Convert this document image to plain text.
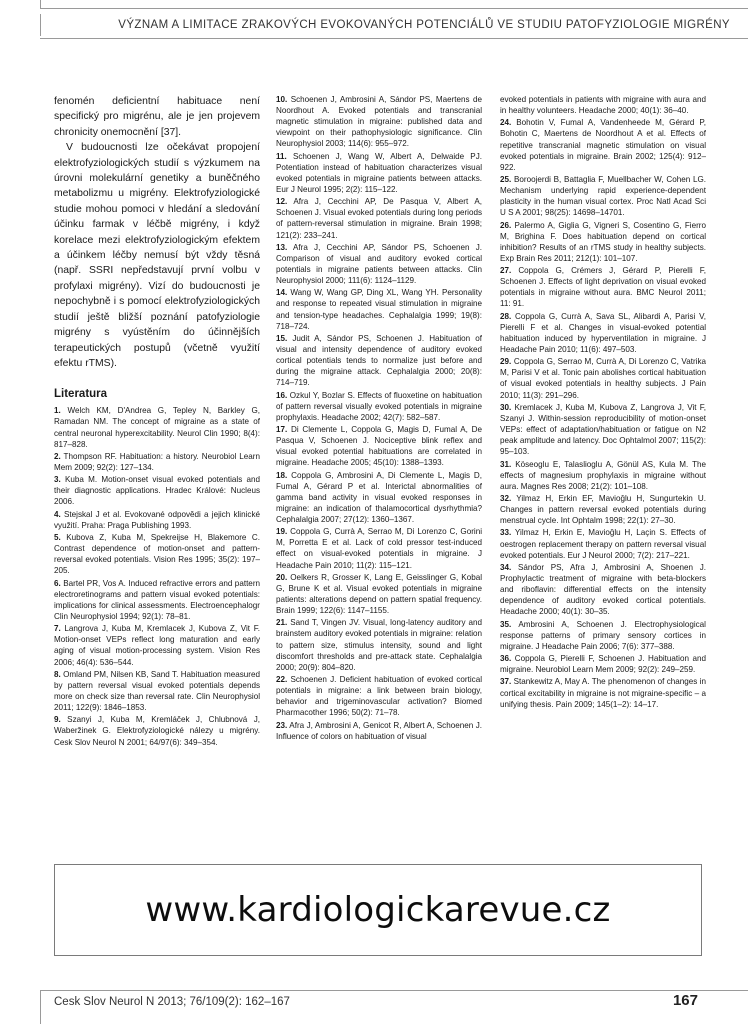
VÝZNAM A LIMITACE ZRAKOVÝCH EVOKOVANÝCH POTENCIÁLŮ VE STUDIU PATOFYZIOLOGIE MIGRÉNY

fenomén deficientní habituace není specifický pro migrénu, ale je jen projevem chronicity onemocnění [37].

V budoucnosti lze očekávat propojení elektrofyziologických studií s výzkumem na úrovni molekulární genetiky a buněčného metabolizmu u migrény. Elektrofyziologické studie mohou pomoci v hledání a sledování účinku farmak v léčbě migrény, i když korelace mezi elektrofyziologickým efektem a účinkem léčby nemusí být vždy těsná (např. SSRI nepředstavují první volbu v profylaxi migrény). Vizí do budoucnosti je nepochybně i s pomocí elektrofyziologických studií ještě bližší poznání patofyziologie migrény s vyústěním do účinnějších terapeutických postupů (včetně využití efektu rTMS).

Literatura

1. Welch KM, D'Andrea G, Tepley N, Barkley G, Ramadan NM. The concept of migraine as a state of central neuronal hyperexcitability. Neurol Clin 1990; 8(4): 817–828.

2. Thompson RF. Habituation: a history. Neurobiol Learn Mem 2009; 92(2): 127–134.

3. Kuba M. Motion-onset visual evoked potentials and their diagnostic applications. Hradec Králové: Nucleus 2006.

4. Stejskal J et al. Evokované odpovědi a jejich klinické využití. Praha: Praga Publishing 1993.

5. Kubova Z, Kuba M, Spekreijse H, Blakemore C. Contrast dependence of motion-onset and pattern-reversal evoked potentials. Vision Res 1995; 35(2): 197–205.

6. Bartel PR, Vos A. Induced refractive errors and pattern electroretinograms and pattern visual evoked potentials: implications for clinical assessments. Electroencephalogr Clin Neurophysiol 1994; 92(1): 78–81.

7. Langrova J, Kuba M, Kremlacek J, Kubova Z, Vit F. Motion-onset VEPs reflect long maturation and early aging of visual motion-processing system. Vision Res 2006; 46(4): 536–544.

8. Omland PM, Nilsen KB, Sand T. Habituation measured by pattern reversal visual evoked potentials depends more on check size than reversal rate. Clin Neurophysiol 2011; 122(9): 1846–1853.

9. Szanyi J, Kuba M, Kremláček J, Chlubnová J, Waberžinek G. Elektrofyziologické nálezy u migrény. Cesk Slov Neurol N 2001; 64/97(6): 349–354.

10. Schoenen J, Ambrosini A, Sándor PS, Maertens de Noordhout A. Evoked potentials and transcranial magnetic stimulation in migraine: published data and viewpoint on their pathophysiologic significance. Clin Neurophysiol 2003; 114(6): 955–972.

11. Schoenen J, Wang W, Albert A, Delwaide PJ. Potentiation instead of habituation characterizes visual evoked potentials in migraine patients between attacks. Eur J Neurol 1995; 2(2): 115–122.

12. Afra J, Cecchini AP, De Pasqua V, Albert A, Schoenen J. Visual evoked potentials during long periods of pattern-reversal stimulation in migraine. Brain 1998; 121(2): 233–241.

13. Afra J, Cecchini AP, Sándor PS, Schoenen J. Comparison of visual and auditory evoked cortical potentials in migraine patients between attacks. Clin Neurophysiol 2000; 111(6): 1124–1129.

14. Wang W, Wang GP, Ding XL, Wang YH. Personality and response to repeated visual stimulation in migraine and tension-type headaches. Cephalalgia 1999; 19(8): 718–724.

15. Judit A, Sándor PS, Schoenen J. Habituation of visual and intensity dependence of auditory evoked cortical potentials tends to normalize just before and during the migraine attack. Cephalalgia 2000; 20(8): 714–719.

16. Ozkul Y, Bozlar S. Effects of fluoxetine on habituation of pattern reversal visually evoked potentials in migraine prophylaxis. Headache 2002; 42(7): 582–587.

17. Di Clemente L, Coppola G, Magis D, Fumal A, De Pasqua V, Schoenen J. Nociceptive blink reflex and visual evoked potential habituations are correlated in migraine. Headache 2005; 45(10): 1388–1393.

18. Coppola G, Ambrosini A, Di Clemente L, Magis D, Fumal A, Gérard P et al. Interictal abnormalities of gamma band activity in visual evoked responses in migraine: an indication of thalamocortical dysrhythmia? Cephalalgia 2007; 27(12): 1360–1367.

19. Coppola G, Currà A, Serrao M, Di Lorenzo C, Gorini M, Porretta E et al. Lack of cold pressor test-induced effect on visual-evoked potentials in migraine. J Headache Pain 2010; 11(2): 115–121.

20. Oelkers R, Grosser K, Lang E, Geisslinger G, Kobal G, Brune K et al. Visual evoked potentials in migraine patients: alterations depend on pattern spatial frequency. Brain 1999; 122(6): 1147–1155.

21. Sand T, Vingen JV. Visual, long-latency auditory and brainstem auditory evoked potentials in migraine: relation to pattern size, stimulus intensity, sound and light discomfort thresholds and pre-attack state. Cephalalgia 2000; 20(9): 804–820.

22. Schoenen J. Deficient habituation of evoked cortical potentials in migraine: a link between brain biology, behavior and trigeminovascular activation? Biomed Pharmacother 1996; 50(2): 71–78.

23. Afra J, Ambrosini A, Genicot R, Albert A, Schoenen J. Influence of colors on habituation of visual

evoked potentials in patients with migraine with aura and in healthy volunteers. Headache 2000; 40(1): 36–40.

24. Bohotin V, Fumal A, Vandenheede M, Gérard P, Bohotin C, Maertens de Noordhout A et al. Effects of repetitive transcranial magnetic stimulation on visual evoked potentials in migraine. Brain 2002; 125(4): 912–922.

25. Boroojerdi B, Battaglia F, Muellbacher W, Cohen LG. Mechanism underlying rapid experience-dependent plasticity in the human visual cortex. Proc Natl Acad Sci U S A 2001; 98(25): 14698–14701.

26. Palermo A, Giglia G, Vigneri S, Cosentino G, Fierro M, Brighina F. Does habituation depend on cortical inhibition? Results of an rTMS study in healthy subjects. Exp Brain Res 2011; 212(1): 101–107.

27. Coppola G, Crémers J, Gérard P, Pierelli F, Schoenen J. Effects of light deprivation on visual evoked potentials in migraine without aura. BMC Neurol 2011; 11: 91.

28. Coppola G, Currà A, Sava SL, Alibardi A, Parisi V, Pierelli F et al. Changes in visual-evoked potential habituation induced by hyperventilation in migraine. J Headache Pain 2010; 11(6): 497–503.

29. Coppola G, Serrao M, Currà A, Di Lorenzo C, Vatrika M, Parisi V et al. Tonic pain abolishes cortical habituation of visual evoked potentials in healthy subjects. J Pain 2010; 11(3): 291–296.

30. Kremlacek J, Kuba M, Kubova Z, Langrova J, Vit F, Szanyi J. Within-session reproducibility of motion-onset VEPs: effect of adaptation/habituation or fatigue on N2 peak amplitude and latency. Doc Ophtalmol 2007; 115(2): 95–103.

31. Köseoglu E, Talaslioglu A, Gönül AS, Kula M. The effects of magnesium prophylaxis in migraine without aura. Magnes Res 2008; 21(2): 101–108.

32. Yilmaz H, Erkin EF, Mavioğlu H, Sungurtekin U. Changes in pattern reversal evoked potentials during menstrual cycle. Int Ophtalm 1998; 22(1): 27–30.

33. Yilmaz H, Erkin E, Mavioğlu H, Laçin S. Effects of oestrogen replacement therapy on pattern reversal visual evoked potentials. Eur J Neurol 2000; 7(2): 217–221.

34. Sándor PS, Afra J, Ambrosini A, Shoenen J. Prophylactic treatment of migraine with beta-blockers and riboflavin: differential effects on the intensity dependence of auditory evoked cortical potentials. Headache 2000; 40(1): 30–35.

35. Ambrosini A, Schoenen J. Electrophysiological response patterns of primary sensory cortices in migraine. J Headache Pain 2006; 7(6): 377–388.

36. Coppola G, Pierelli F, Schoenen J. Habituation and migraine. Neurobiol Learn Mem 2009; 92(2): 249–259.

37. Stankewitz A, May A. The phenomenon of changes in cortical excitability in migraine is not migraine-specific – a unifying thesis. Pain 2009; 145(1–2): 14–17.

www.kardiologickarevue.cz
Cesk Slov Neurol N 2013; 76/109(2): 162–167	167
